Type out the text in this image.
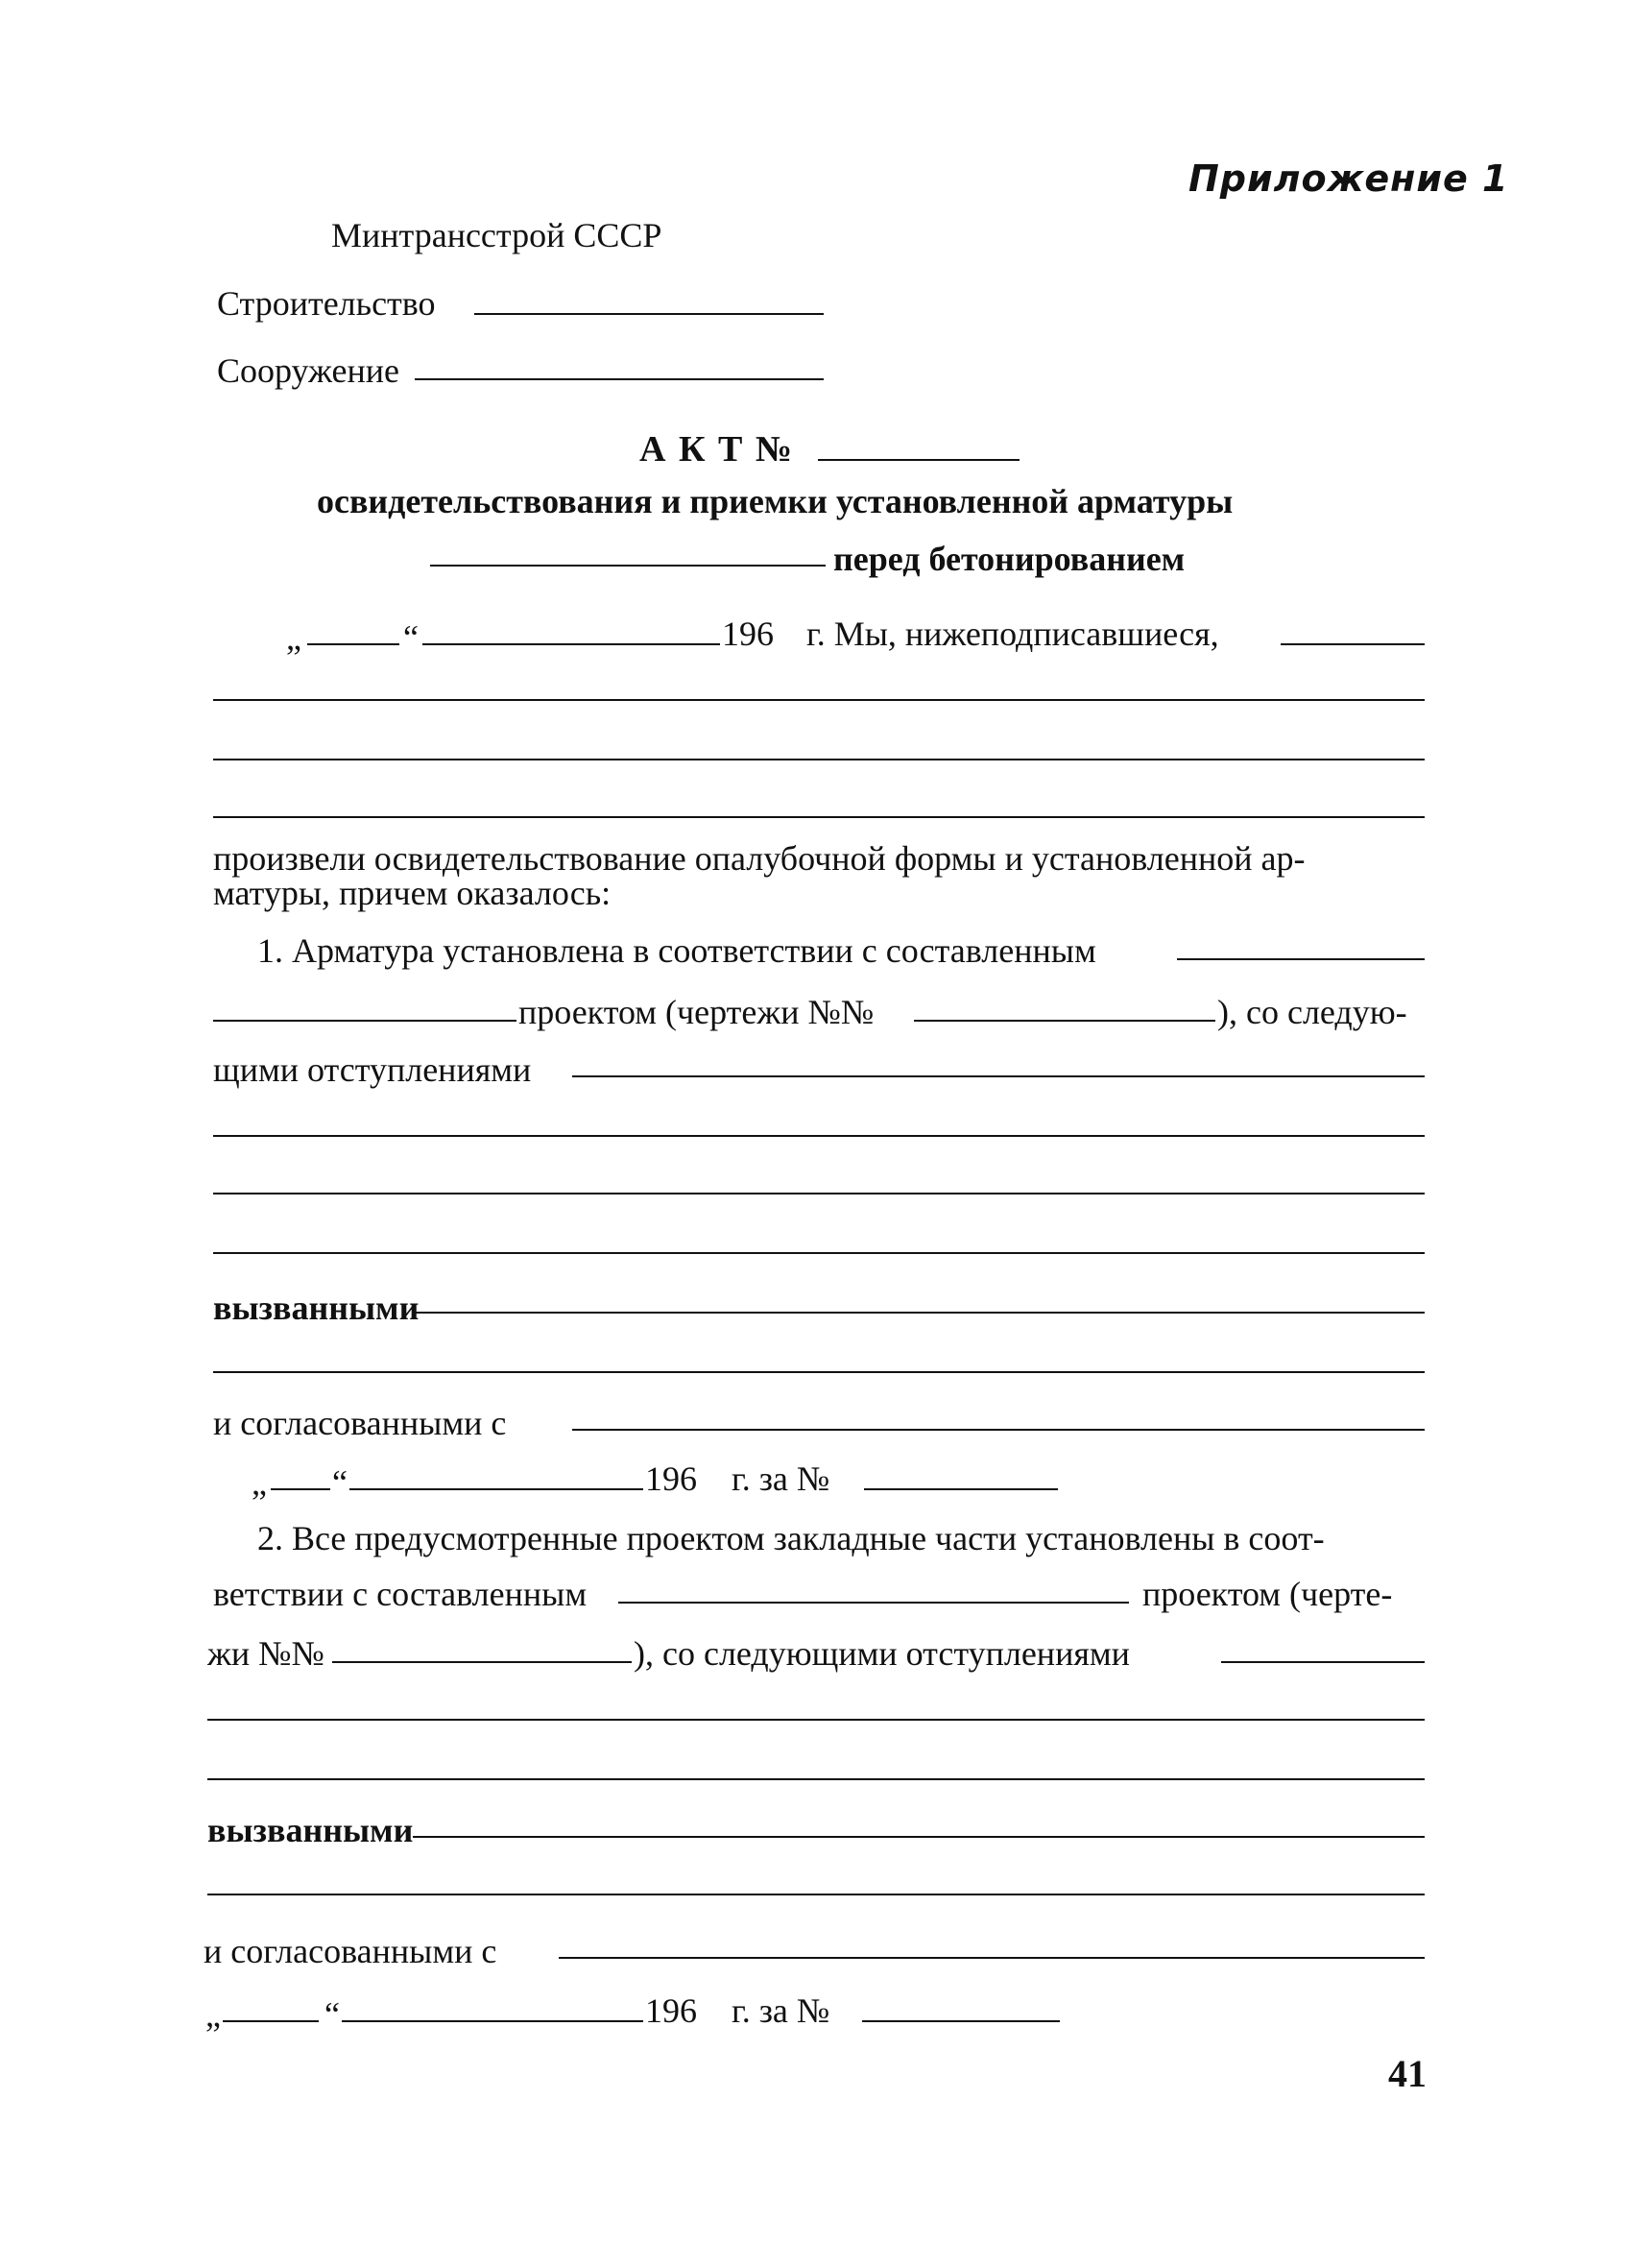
Приложение 1
Минтрансстрой СССР
Строительство
Сооружение
А К Т №
освидетельствования и приемки установленной арматуры
перед бетонированием
„	“	196 г. Мы, нижеподписавшиеся,
произвели освидетельствование опалубочной формы и установленной ар-
матуры, причем оказалось:
1. Арматура установлена в соответствии с составленным
проектом (чертежи №№	), со следую-
щими отступлениями
вызванными
и согласованными с
„ “	196 г. за №
2. Все предусмотренные проектом закладные части установлены в соот-
ветствии с составленным	проектом (черте-
жи №№	), со следующими отступлениями
вызванными
и согласованными с
„	“	196 г. за №
41
